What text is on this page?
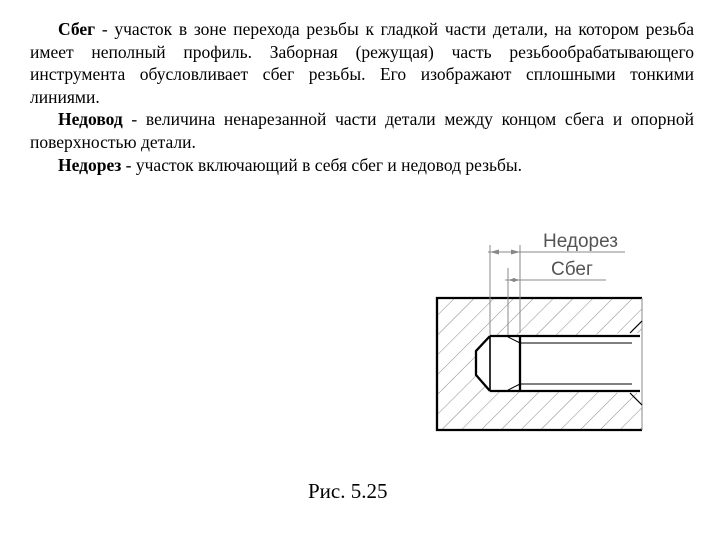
Сбег - участок в зоне перехода резьбы к гладкой части детали, на котором резьба имеет неполный профиль. Заборная (режущая) часть резьбообрабатывающего инструмента обусловливает сбег резьбы. Его изображают сплошными тонкими линиями.

Недовод - величина ненарезанной части детали между концом сбега и опорной поверхностью детали.

Недорез - участок включающий в себя сбег и недовод резьбы.

Недорез
Сбег
Рис. 5.25
